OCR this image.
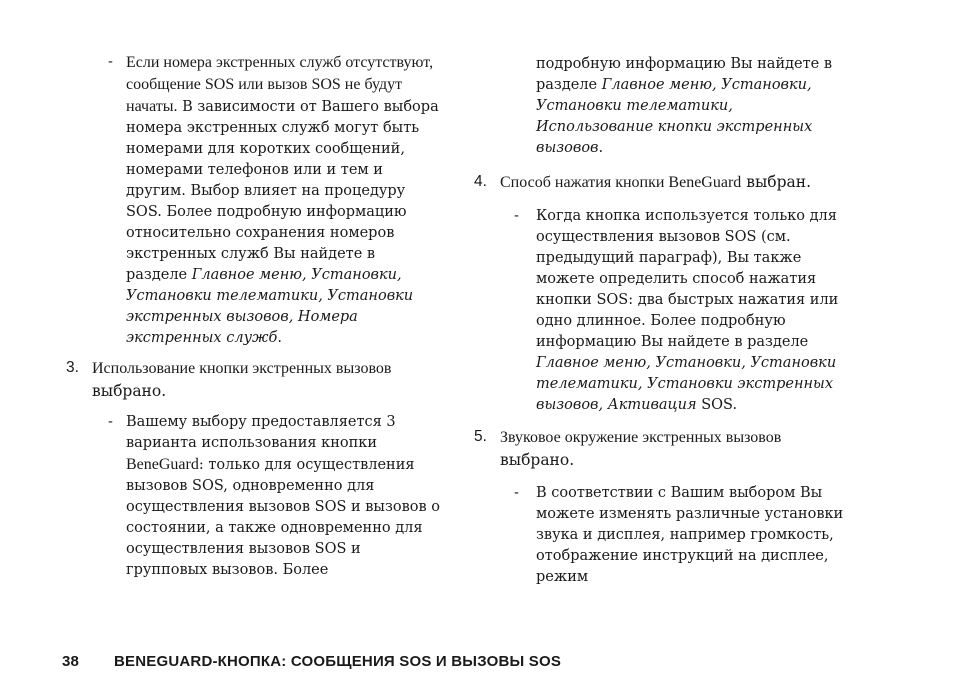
- Если номера экстренных служб отсутствуют, сообщение SOS или вызов SOS не будут начаты. В зависимости от Вашего выбора номера экстренных служб могут быть номерами для коротких сообщений, номерами телефонов или и тем и другим. Выбор влияет на процедуру SOS. Более подробную информацию относительно сохранения номеров экстренных служб Вы найдете в разделе Главное меню, Установки, Установки телематики, Установки экстренных вызовов, Номера экстренных служб.

3. Использование кнопки экстренных вызовов выбрано.

- Вашему выбору предоставляется 3 варианта использования кнопки BeneGuard: только для осуществления вызовов SOS, одновременно для осуществления вызовов SOS и вызовов о состоянии, а также одновременно для осуществления вызовов SOS и групповых вызовов. Более

подробную информацию Вы найдете в разделе Главное меню, Установки, Установки телематики, Использование кнопки экстренных вызовов.

4. Способ нажатия кнопки BeneGuard выбран.

- Когда кнопка используется только для осуществления вызовов SOS (см. предыдущий параграф), Вы также можете определить способ нажатия кнопки SOS: два быстрых нажатия или одно длинное. Более подробную информацию Вы найдете в разделе Главное меню, Установки, Установки телематики, Установки экстренных вызовов, Активация SOS.

5. Звуковое окружение экстренных вызовов выбрано.

- В соответствии с Вашим выбором Вы можете изменять различные установки звука и дисплея, например громкость, отображение инструкций на дисплее, режим

38 BENEGUARD-КНОПКА: СООБЩЕНИЯ SOS И ВЫЗОВЫ SOS
